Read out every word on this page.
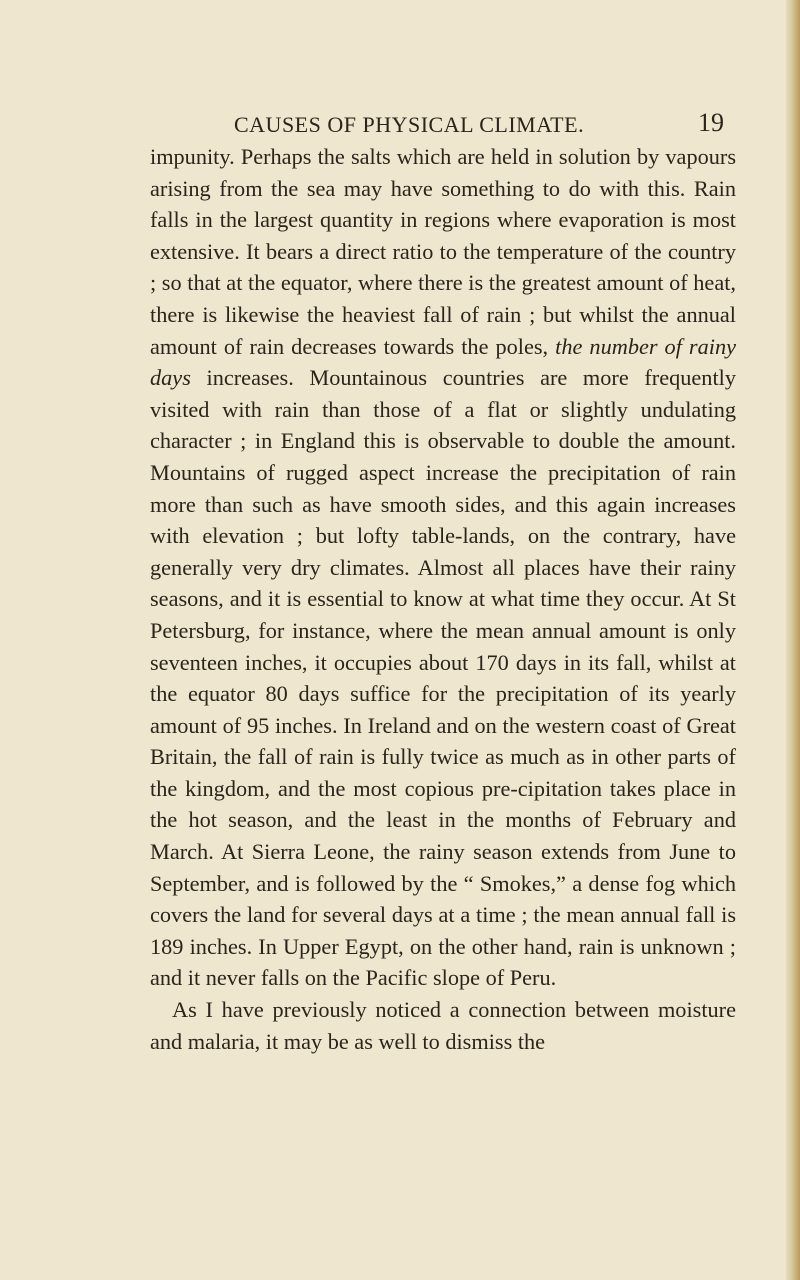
CAUSES OF PHYSICAL CLIMATE.	19

impunity. Perhaps the salts which are held in solution by vapours arising from the sea may have something to do with this. Rain falls in the largest quantity in regions where evaporation is most extensive. It bears a direct ratio to the temperature of the country ; so that at the equator, where there is the greatest amount of heat, there is likewise the heaviest fall of rain ; but whilst the annual amount of rain decreases towards the poles, the number of rainy days increases. Mountainous countries are more frequently visited with rain than those of a flat or slightly undulating character ; in England this is observable to double the amount. Mountains of rugged aspect increase the precipitation of rain more than such as have smooth sides, and this again increases with elevation ; but lofty table-lands, on the contrary, have generally very dry climates. Almost all places have their rainy seasons, and it is essential to know at what time they occur. At St Petersburg, for instance, where the mean annual amount is only seventeen inches, it occupies about 170 days in its fall, whilst at the equator 80 days suffice for the precipitation of its yearly amount of 95 inches. In Ireland and on the western coast of Great Britain, the fall of rain is fully twice as much as in other parts of the kingdom, and the most copious pre-cipitation takes place in the hot season, and the least in the months of February and March. At Sierra Leone, the rainy season extends from June to September, and is followed by the “ Smokes,” a dense fog which covers the land for several days at a time ; the mean annual fall is 189 inches. In Upper Egypt, on the other hand, rain is unknown ; and it never falls on the Pacific slope of Peru.

As I have previously noticed a connection between moisture and malaria, it may be as well to dismiss the
